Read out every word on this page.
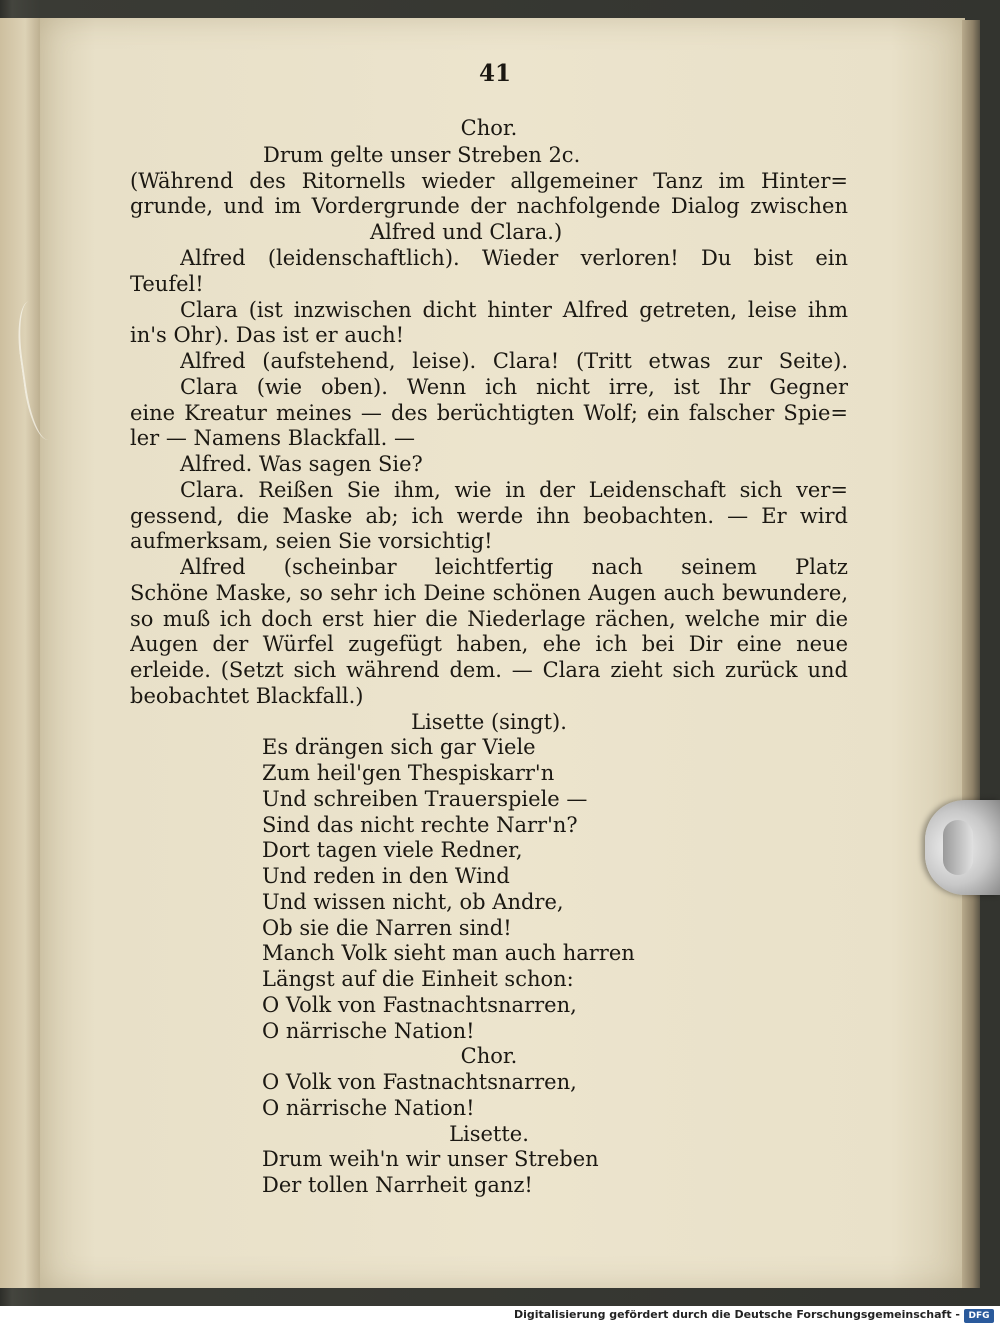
41
Chor.
Drum gelte unser Streben 2c.
(Während des Ritornells wieder allgemeiner Tanz im Hinter=
grunde, und im Vordergrunde der nachfolgende Dialog zwischen
Alfred und Clara.)
Alfred (leidenschaftlich). Wieder verloren! Du bist ein
Teufel!
Clara (ist inzwischen dicht hinter Alfred getreten, leise ihm
in's Ohr). Das ist er auch!
Alfred (aufstehend, leise). Clara! (Tritt etwas zur Seite).
Clara (wie oben). Wenn ich nicht irre, ist Ihr Gegner
eine Kreatur meines — des berüchtigten Wolf; ein falscher Spie=
ler — Namens Blackfall. —
Alfred. Was sagen Sie?
Clara. Reißen Sie ihm, wie in der Leidenschaft sich ver=
gessend, die Maske ab; ich werde ihn beobachten. — Er wird
aufmerksam, seien Sie vorsichtig!
Alfred (scheinbar leichtfertig nach seinem Platz
Schöne Maske, so sehr ich Deine schönen Augen auch bewundere,
so muß ich doch erst hier die Niederlage rächen, welche mir die
Augen der Würfel zugefügt haben, ehe ich bei Dir eine neue
erleide. (Setzt sich während dem. — Clara zieht sich zurück und
beobachtet Blackfall.)
Lisette (singt).
Es drängen sich gar Viele
Zum heil'gen Thespiskarr'n
Und schreiben Trauerspiele —
Sind das nicht rechte Narr'n?
Dort tagen viele Redner,
Und reden in den Wind
Und wissen nicht, ob Andre,
Ob sie die Narren sind!
Manch Volk sieht man auch harren
Längst auf die Einheit schon:
O Volk von Fastnachtsnarren,
O närrische Nation!
Chor.
O Volk von Fastnachtsnarren,
O närrische Nation!
Lisette.
Drum weih'n wir unser Streben
Der tollen Narrheit ganz!
Digitalisierung gefördert durch die Deutsche Forschungsgemeinschaft - DFG
